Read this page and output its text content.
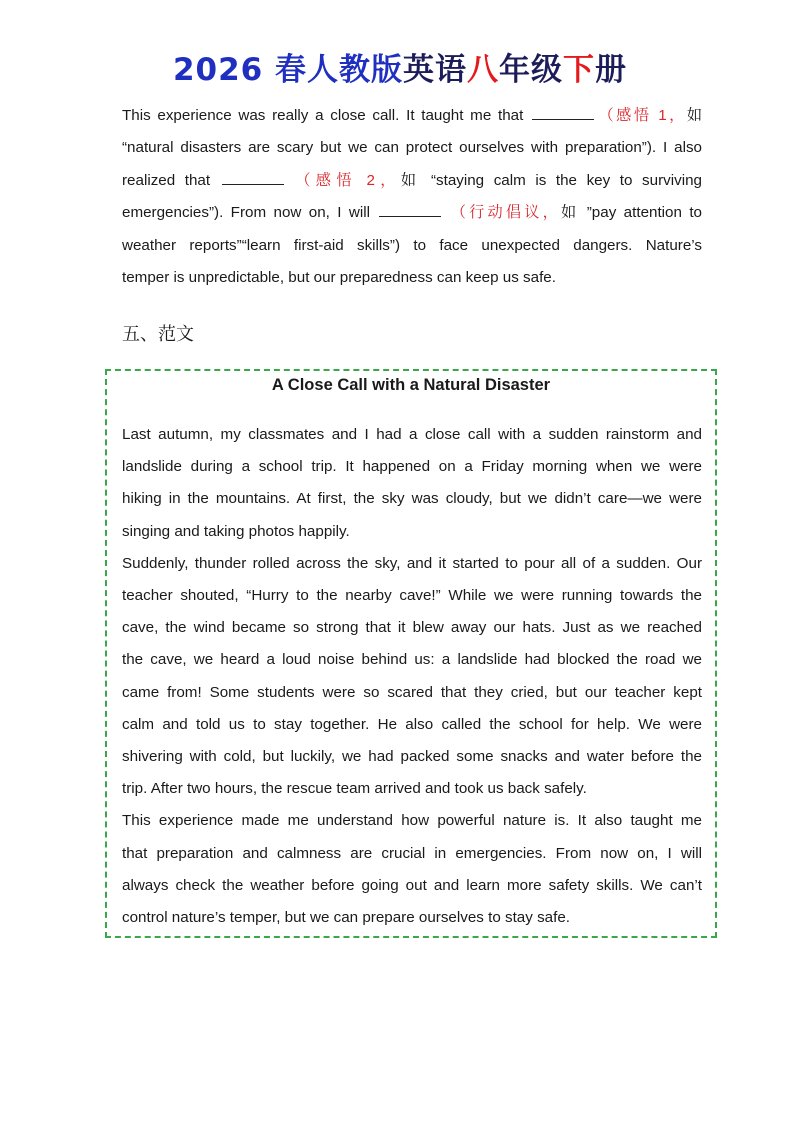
2026 春人教版英语八年级下册
This experience was really a close call. It taught me that	（感悟 1，如
“natural disasters are scary but we can protect ourselves with preparation”). I also
realized that	（感悟 2，如 “staying calm is the key to surviving
emergencies”). From now on, I will	（行动倡议，如 ”pay attention to
weather reports”“learn first-aid skills”) to face unexpected dangers. Nature’s
temper is unpredictable, but our preparedness can keep us safe.
五、范文
A Close Call with a Natural Disaster
Last autumn, my classmates and I had a close call with a sudden rainstorm and
landslide during a school trip. It happened on a Friday morning when we were
hiking in the mountains. At first, the sky was cloudy, but we didn’t care—we were
singing and taking photos happily.
Suddenly, thunder rolled across the sky, and it started to pour all of a sudden. Our
teacher shouted, “Hurry to the nearby cave!” While we were running towards the
cave, the wind became so strong that it blew away our hats. Just as we reached
the cave, we heard a loud noise behind us: a landslide had blocked the road we
came from! Some students were so scared that they cried, but our teacher kept
calm and told us to stay together. He also called the school for help. We were
shivering with cold, but luckily, we had packed some snacks and water before the
trip. After two hours, the rescue team arrived and took us back safely.
This experience made me understand how powerful nature is. It also taught me
that preparation and calmness are crucial in emergencies. From now on, I will
always check the weather before going out and learn more safety skills. We can’t
control nature’s temper, but we can prepare ourselves to stay safe.
